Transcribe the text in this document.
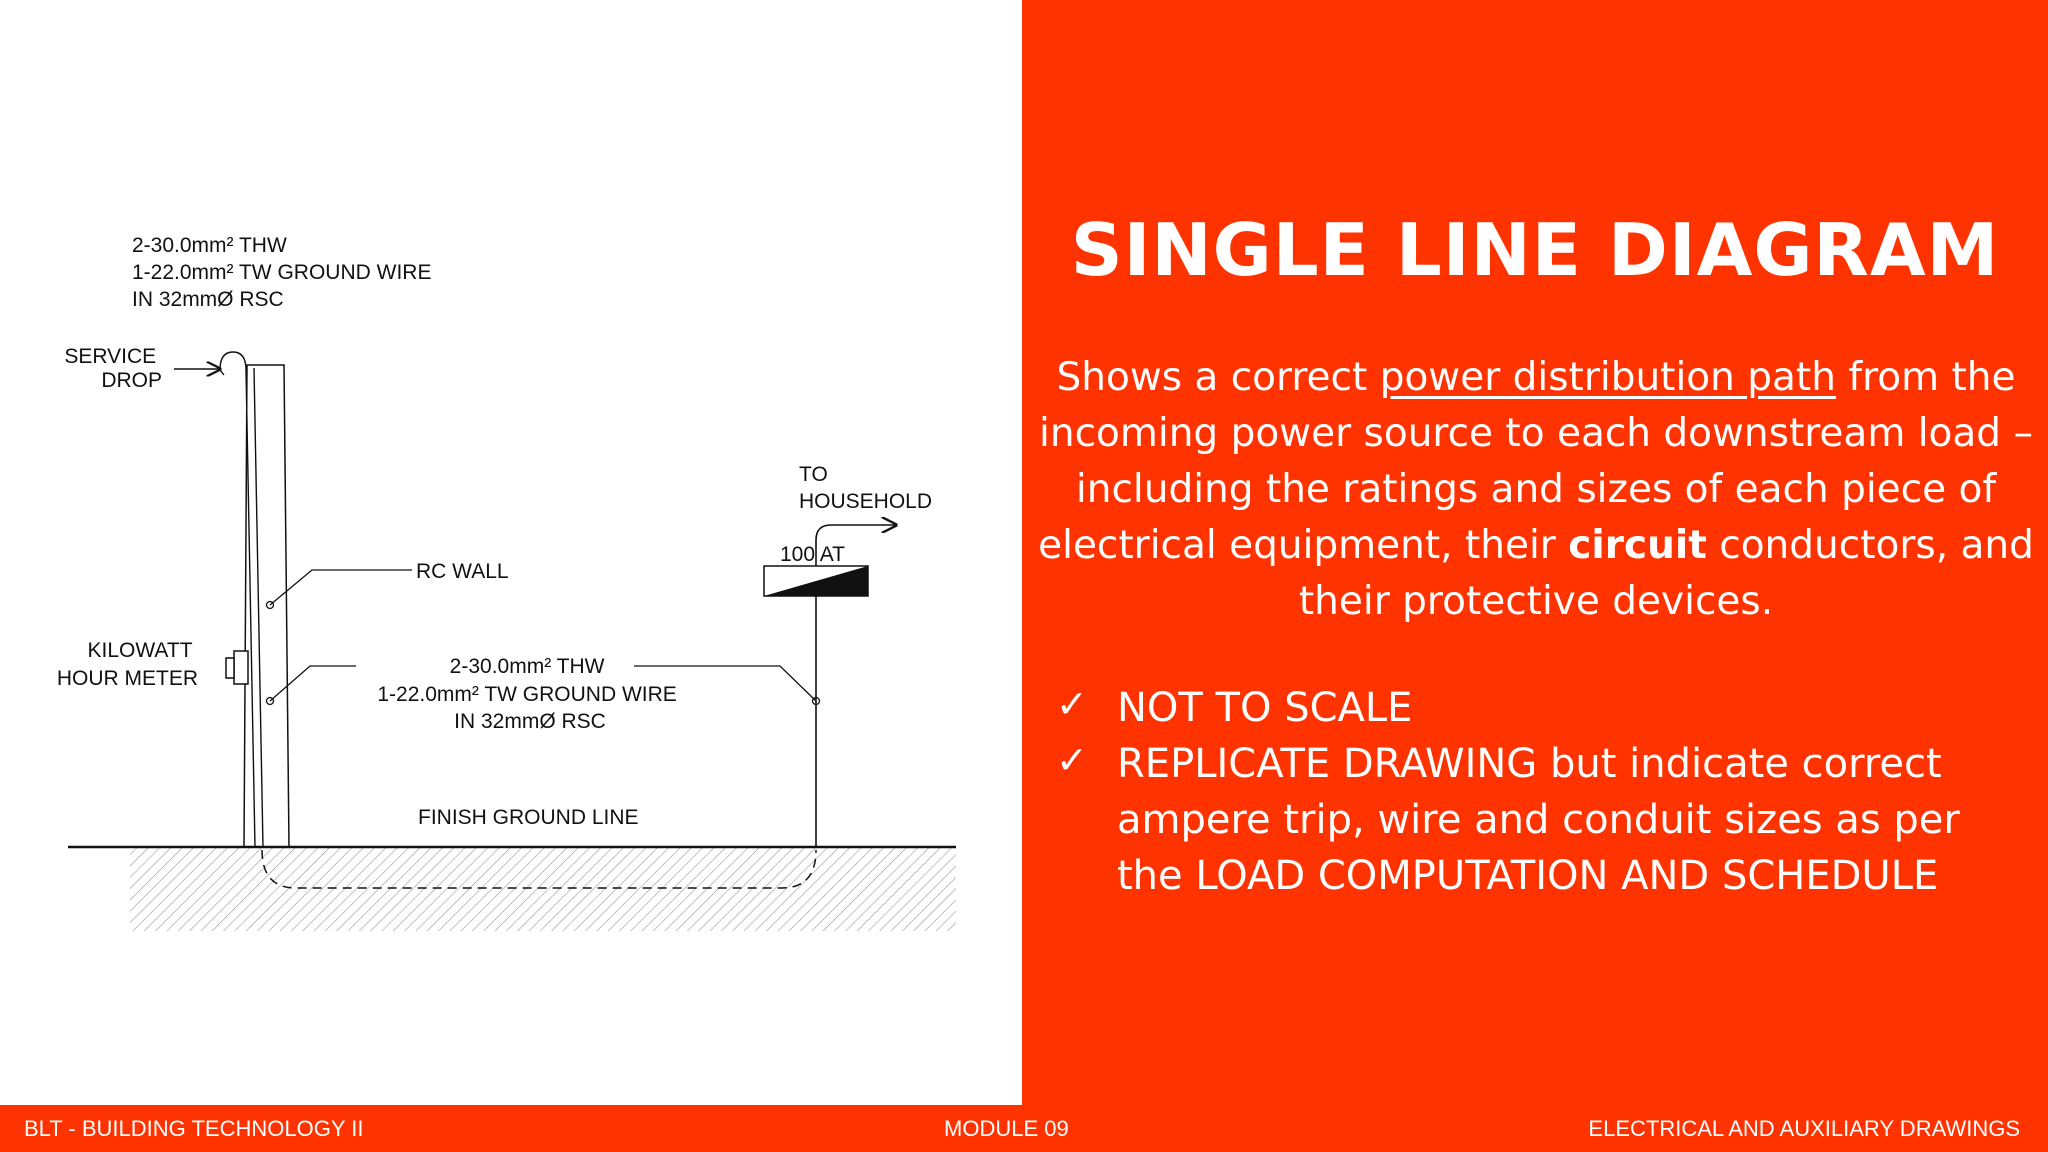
2-30.0mm² THW 1-22.0mm² TW GROUND WIRE IN 32mmØ RSC
SERVICE DROP
RC WALL
KILOWATT HOUR METER
2-30.0mm² THW 1-22.0mm² TW GROUND WIRE IN 32mmØ RSC
TO HOUSEHOLD
100 AT
FINISH GROUND LINE
SINGLE LINE DIAGRAM

Shows a correct power distribution path from the incoming power source to each downstream load – including the ratings and sizes of each piece of electrical equipment, their circuit conductors, and their protective devices.

✓ NOT TO SCALE
✓ REPLICATE DRAWING but indicate correct ampere trip, wire and conduit sizes as per the LOAD COMPUTATION AND SCHEDULE
BLT - BUILDING TECHNOLOGY II	MODULE 09	ELECTRICAL AND AUXILIARY DRAWINGS
